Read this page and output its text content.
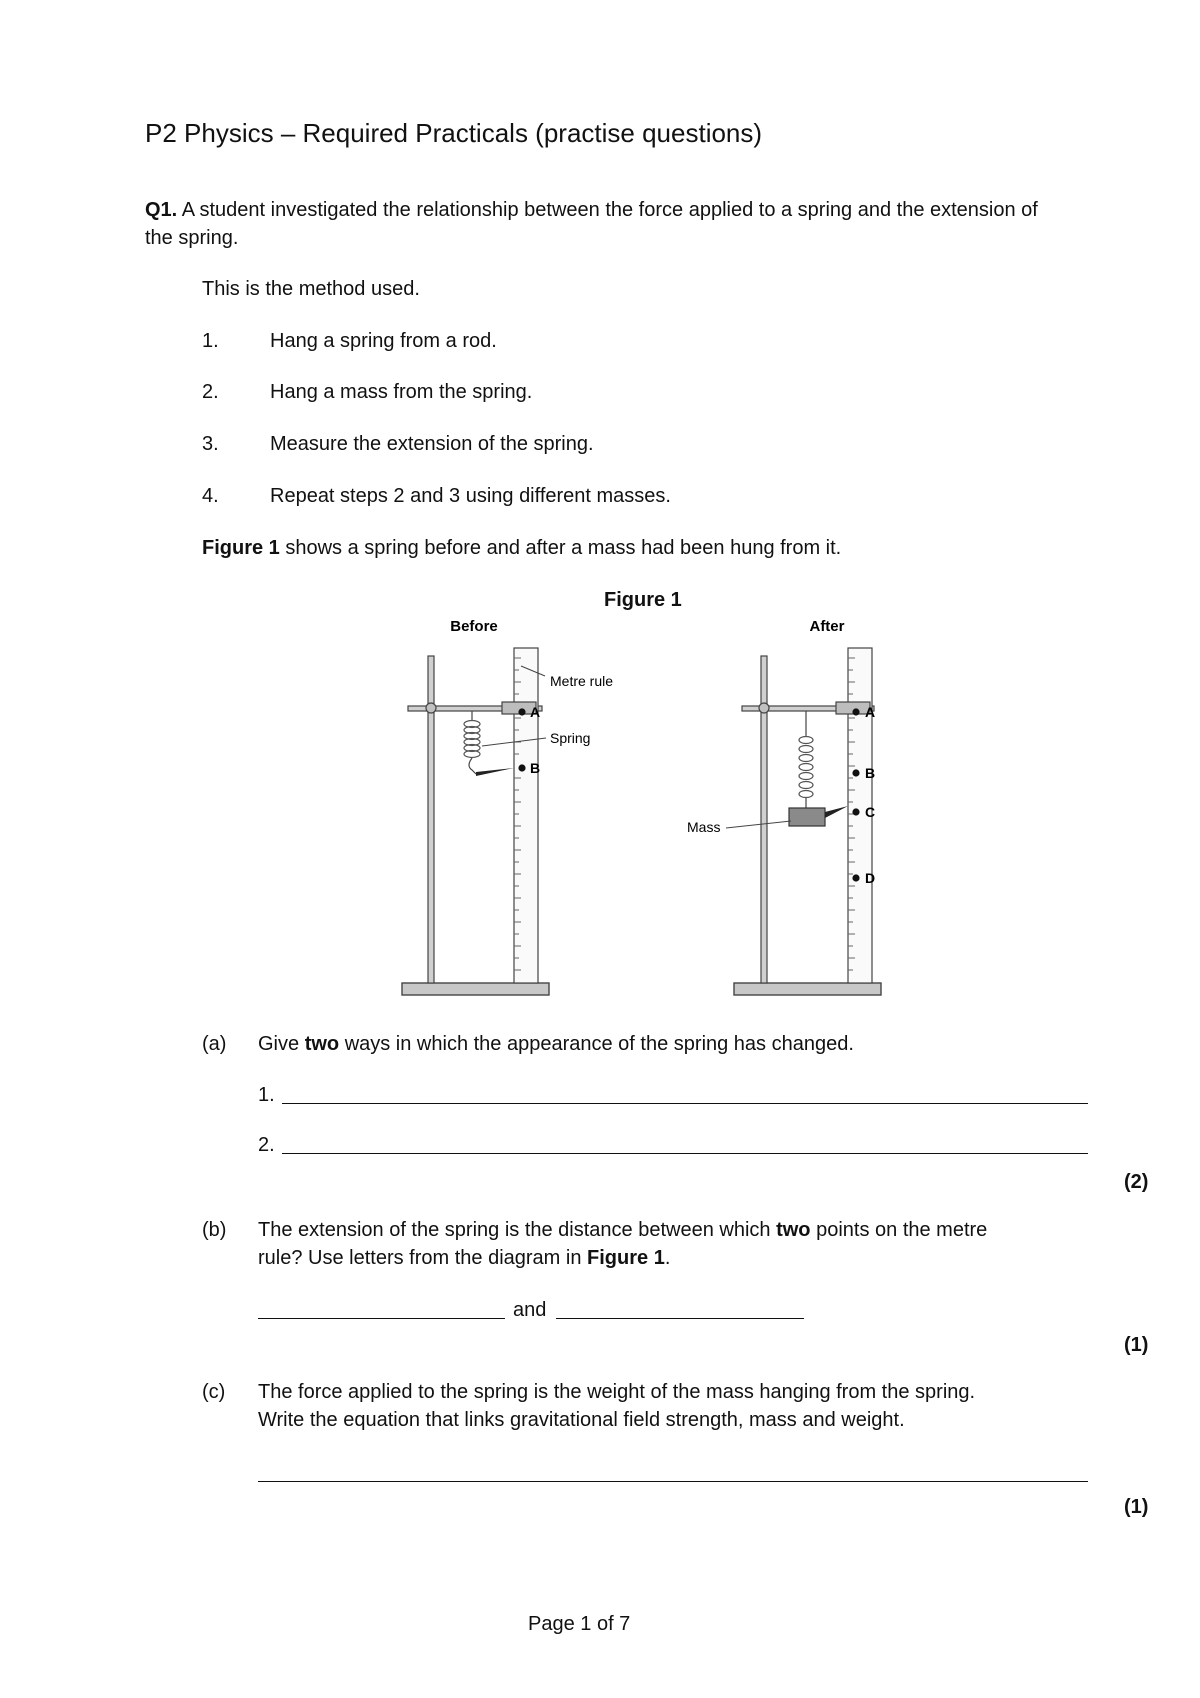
P2 Physics – Required Practicals (practise questions)
Q1. A student investigated the relationship between the force applied to a spring and the extension of
the spring.
This is the method used.
1.	Hang a spring from a rod.
2.	Hang a mass from the spring.
3.	Measure the extension of the spring.
4.	Repeat steps 2 and 3 using different masses.
Figure 1 shows a spring before and after a mass had been hung from it.
Figure 1
Before
A
B
Metre rule
Spring
After
A
B
C
D
Mass
(a) Give two ways in which the appearance of the spring has changed.
1.
2.
(2)
(b) The extension of the spring is the distance between which two points on the metre
rule? Use letters from the diagram in Figure 1.
and
(1)
(c) The force applied to the spring is the weight of the mass hanging from the spring.
Write the equation that links gravitational field strength, mass and weight.
(1)
Page 1 of 7
